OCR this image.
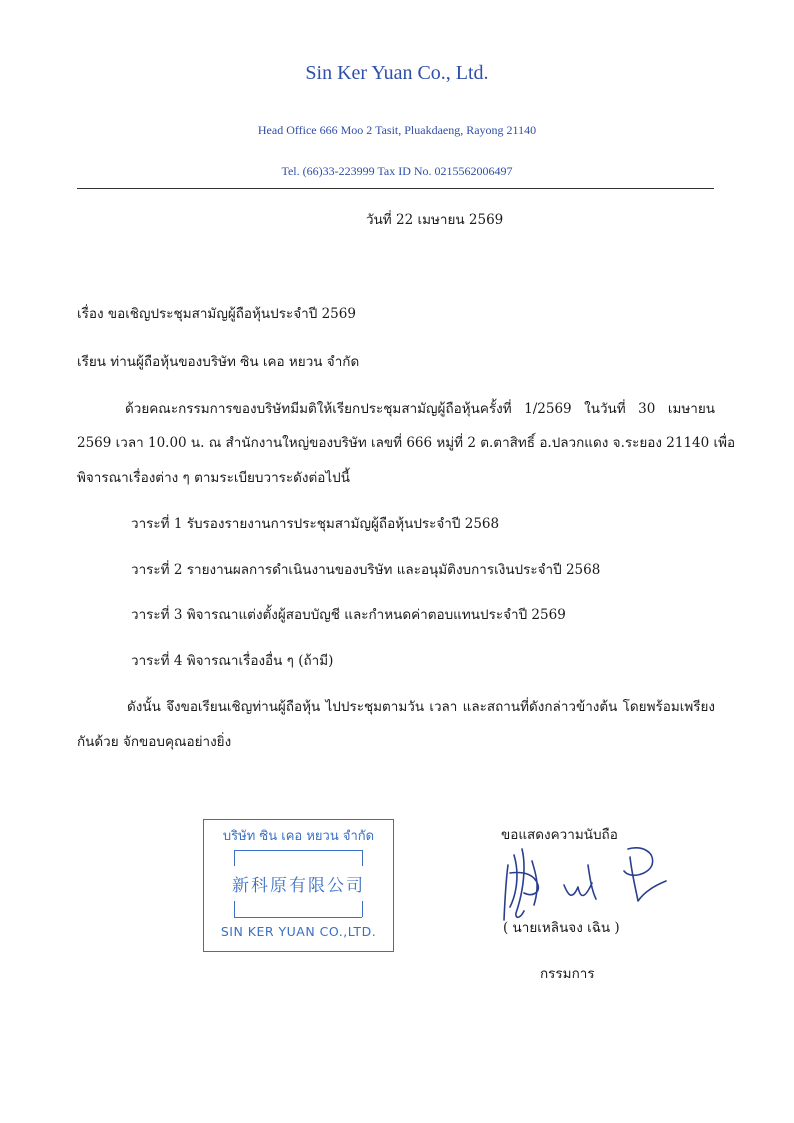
Sin Ker Yuan Co., Ltd.
Head Office 666 Moo 2 Tasit, Pluakdaeng, Rayong 21140
Tel. (66)33-223999 Tax ID No. 0215562006497
วันที่ 22 เมษายน 2569
เรื่อง ขอเชิญประชุมสามัญผู้ถือหุ้นประจำปี 2569
เรียน ท่านผู้ถือหุ้นของบริษัท ซิน เคอ หยวน จำกัด
ด้วยคณะกรรมการของบริษัทมีมติให้เรียกประชุมสามัญผู้ถือหุ้นครั้งที่ 1/2569 ในวันที่ 30 เมษายน
2569 เวลา 10.00 น. ณ สำนักงานใหญ่ของบริษัท เลขที่ 666 หมู่ที่ 2 ต.ตาสิทธิ์ อ.ปลวกแดง จ.ระยอง 21140 เพื่อ
พิจารณาเรื่องต่าง ๆ ตามระเบียบวาระดังต่อไปนี้
วาระที่ 1 รับรองรายงานการประชุมสามัญผู้ถือหุ้นประจำปี 2568
วาระที่ 2 รายงานผลการดำเนินงานของบริษัท และอนุมัติงบการเงินประจำปี 2568
วาระที่ 3 พิจารณาแต่งตั้งผู้สอบบัญชี และกำหนดค่าตอบแทนประจำปี 2569
วาระที่ 4 พิจารณาเรื่องอื่น ๆ (ถ้ามี)
ดังนั้น จึงขอเรียนเชิญท่านผู้ถือหุ้น ไปประชุมตามวัน เวลา และสถานที่ดังกล่าวข้างต้น โดยพร้อมเพรียง
กันด้วย จักขอบคุณอย่างยิ่ง
บริษัท ซิน เคอ หยวน จำกัด
新科原有限公司
SIN KER YUAN CO.,LTD.
ขอแสดงความนับถือ
( นายเหลินจง เฉิน )
กรรมการ
